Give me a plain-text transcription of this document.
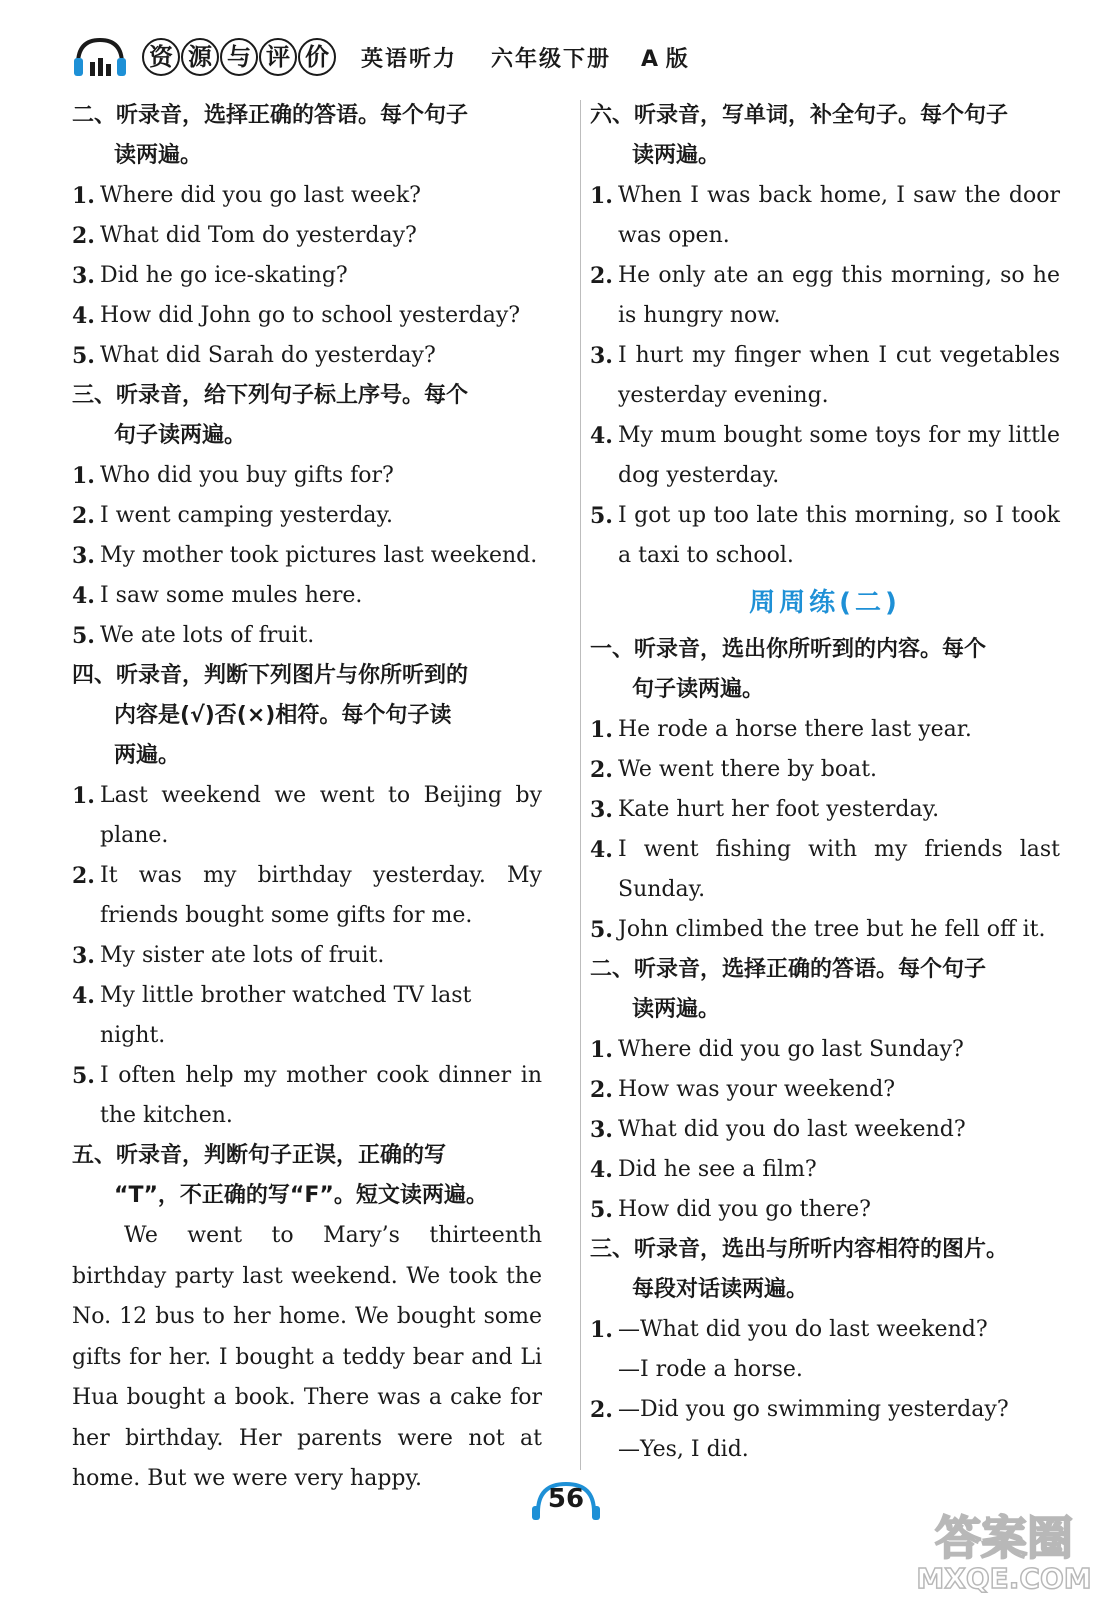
资 源 与 评 价	英语听力 六年级下册 A 版
二、听录音，选择正确的答语。每个句子
读两遍。
1. Where did you go last week?
2. What did Tom do yesterday?
3. Did he go ice-skating?
4. How did John go to school yesterday?
5. What did Sarah do yesterday?
三、听录音，给下列句子标上序号。每个
句子读两遍。
1. Who did you buy gifts for?
2. I went camping yesterday.
3. My mother took pictures last weekend.
4. I saw some mules here.
5. We ate lots of fruit.
四、听录音，判断下列图片与你所听到的
内容是(√)否(×)相符。每个句子读
两遍。
1. Last weekend we went to Beijing by plane.
2. It was my birthday yesterday. My friends bought some gifts for me.
3. My sister ate lots of fruit.
4. My little brother watched TV last night.
5. I often help my mother cook dinner in the kitchen.
五、听录音，判断句子正误，正确的写
“T”，不正确的写“F”。短文读两遍。

We went to Mary’s thirteenth birthday party last weekend. We took the No. 12 bus to her home. We bought some gifts for her. I bought a teddy bear and Li Hua bought a book. There was a cake for her birthday. Her parents were not at home. But we were very happy.

六、听录音，写单词，补全句子。每个句子
读两遍。
1. When I was back home, I saw the door was open.
2. He only ate an egg this morning, so he is hungry now.
3. I hurt my finger when I cut vegetables yesterday evening.
4. My mum bought some toys for my little dog yesterday.
5. I got up too late this morning, so I took a taxi to school.
周周练(二)
一、听录音，选出你所听到的内容。每个
句子读两遍。
1. He rode a horse there last year.
2. We went there by boat.
3. Kate hurt her foot yesterday.
4. I went fishing with my friends last Sunday.
5. John climbed the tree but he fell off it.
二、听录音，选择正确的答语。每个句子
读两遍。
1. Where did you go last Sunday?
2. How was your weekend?
3. What did you do last weekend?
4. Did he see a film?
5. How did you go there?
三、听录音，选出与所听内容相符的图片。
每段对话读两遍。
1. —What did you do last weekend?
—I rode a horse.
2. —Did you go swimming yesterday?
—Yes, I did.
56
答案圈
MXQE.COM
